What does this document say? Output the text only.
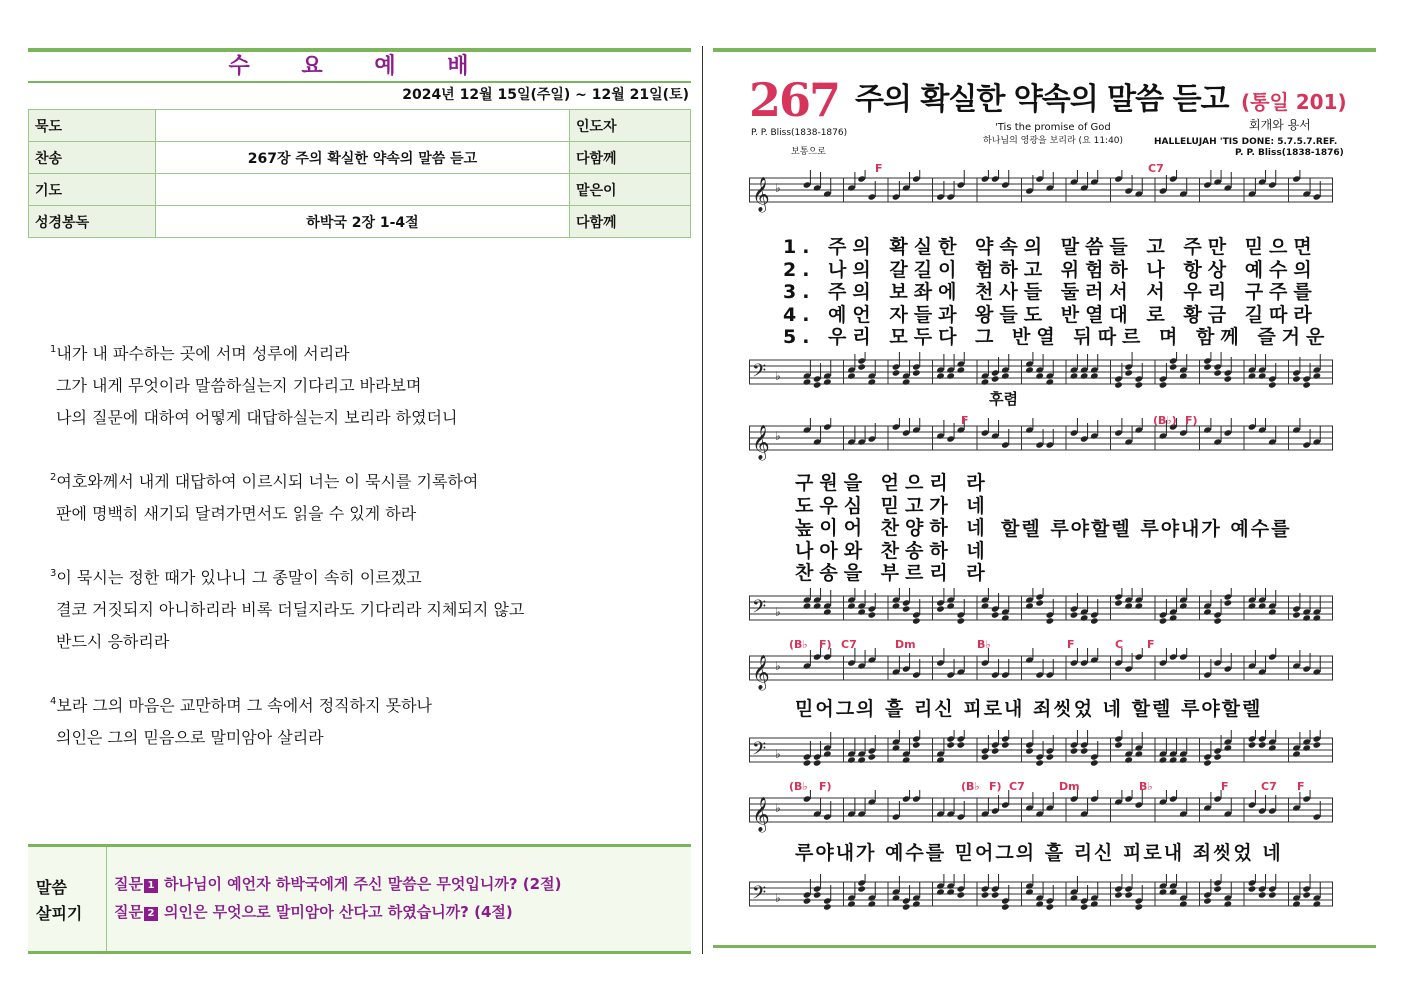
수 요 예 배
2024년 12월 15일(주일) ~ 12월 21일(토)
묵도		인도자
찬송	267장 주의 확실한 약속의 말씀 듣고	다함께
기도		맡은이
성경봉독	하박국 2장 1-4절	다함께
$^1$내가 내 파수하는 곳에 서며 성루에 서리라
그가 내게 무엇이라 말씀하실는지 기다리고 바라보며
나의 질문에 대하여 어떻게 대답하실는지 보리라 하였더니
$^2$여호와께서 내게 대답하여 이르시되 너는 이 묵시를 기록하여
판에 명백히 새기되 달려가면서도 읽을 수 있게 하라
$^3$이 묵시는 정한 때가 있나니 그 종말이 속히 이르겠고
결코 거짓되지 아니하리라 비록 더딜지라도 기다리라 지체되지 않고
반드시 응하리라
$^4$보라 그의 마음은 교만하며 그 속에서 정직하지 못하나
의인은 그의 믿음으로 말미암아 살리라
말씀
살피기
질문 1 하나님이 예언자 하박국에게 주신 말씀은 무엇입니까? (2절)
질문 2 의인은 무엇으로 말미암아 산다고 하였습니까? (4절)
267 주의 확실한 약속의 말씀 듣고 (통일 201)
P. P. Bliss(1838-1876)
보통으로
'Tis the promise of God
하나님의 영광을 보리라 (요 11:40)
회개와 용서
HALLELUJAH 'TIS DONE: 5.7.5.7.REF.
P. P. Bliss(1838-1876)
𝄞 ♭
F	C7
1. 주의 확실한 약속의 말씀들 고 주만 믿으면
2. 나의 갈길이 험하고 위험하 나 항상 예수의
3. 주의 보좌에 천사들 둘러서 서 우리 구주를
4. 예언 자들과 왕들도 반열대 로 황금 길따라
5. 우리 모두다 그 반열 뒤따르 며 함께 즐거운
𝄢 ♭
후렴
𝄞 ♭
F	(B♭) F)
구원을 얻으리 라
도우심 믿고가 네
높이어 찬양하 네
나아와 찬송하 네
찬송을 부르리 라
할렐 루야할렐 루야내가 예수를
𝄢 ♭
𝄞 ♭
(B♭ F) C7	Dm	B♭	F	C F
믿어그의 흘 리신 피로내 죄씻었 네 할렐 루야할렐
𝄢 ♭
𝄞 ♭
(B♭ F)	(B♭ F) C7	Dm	B♭	F	C7 F
루야내가 예수를 믿어그의 흘 리신 피로내 죄씻었 네
𝄢 ♭
